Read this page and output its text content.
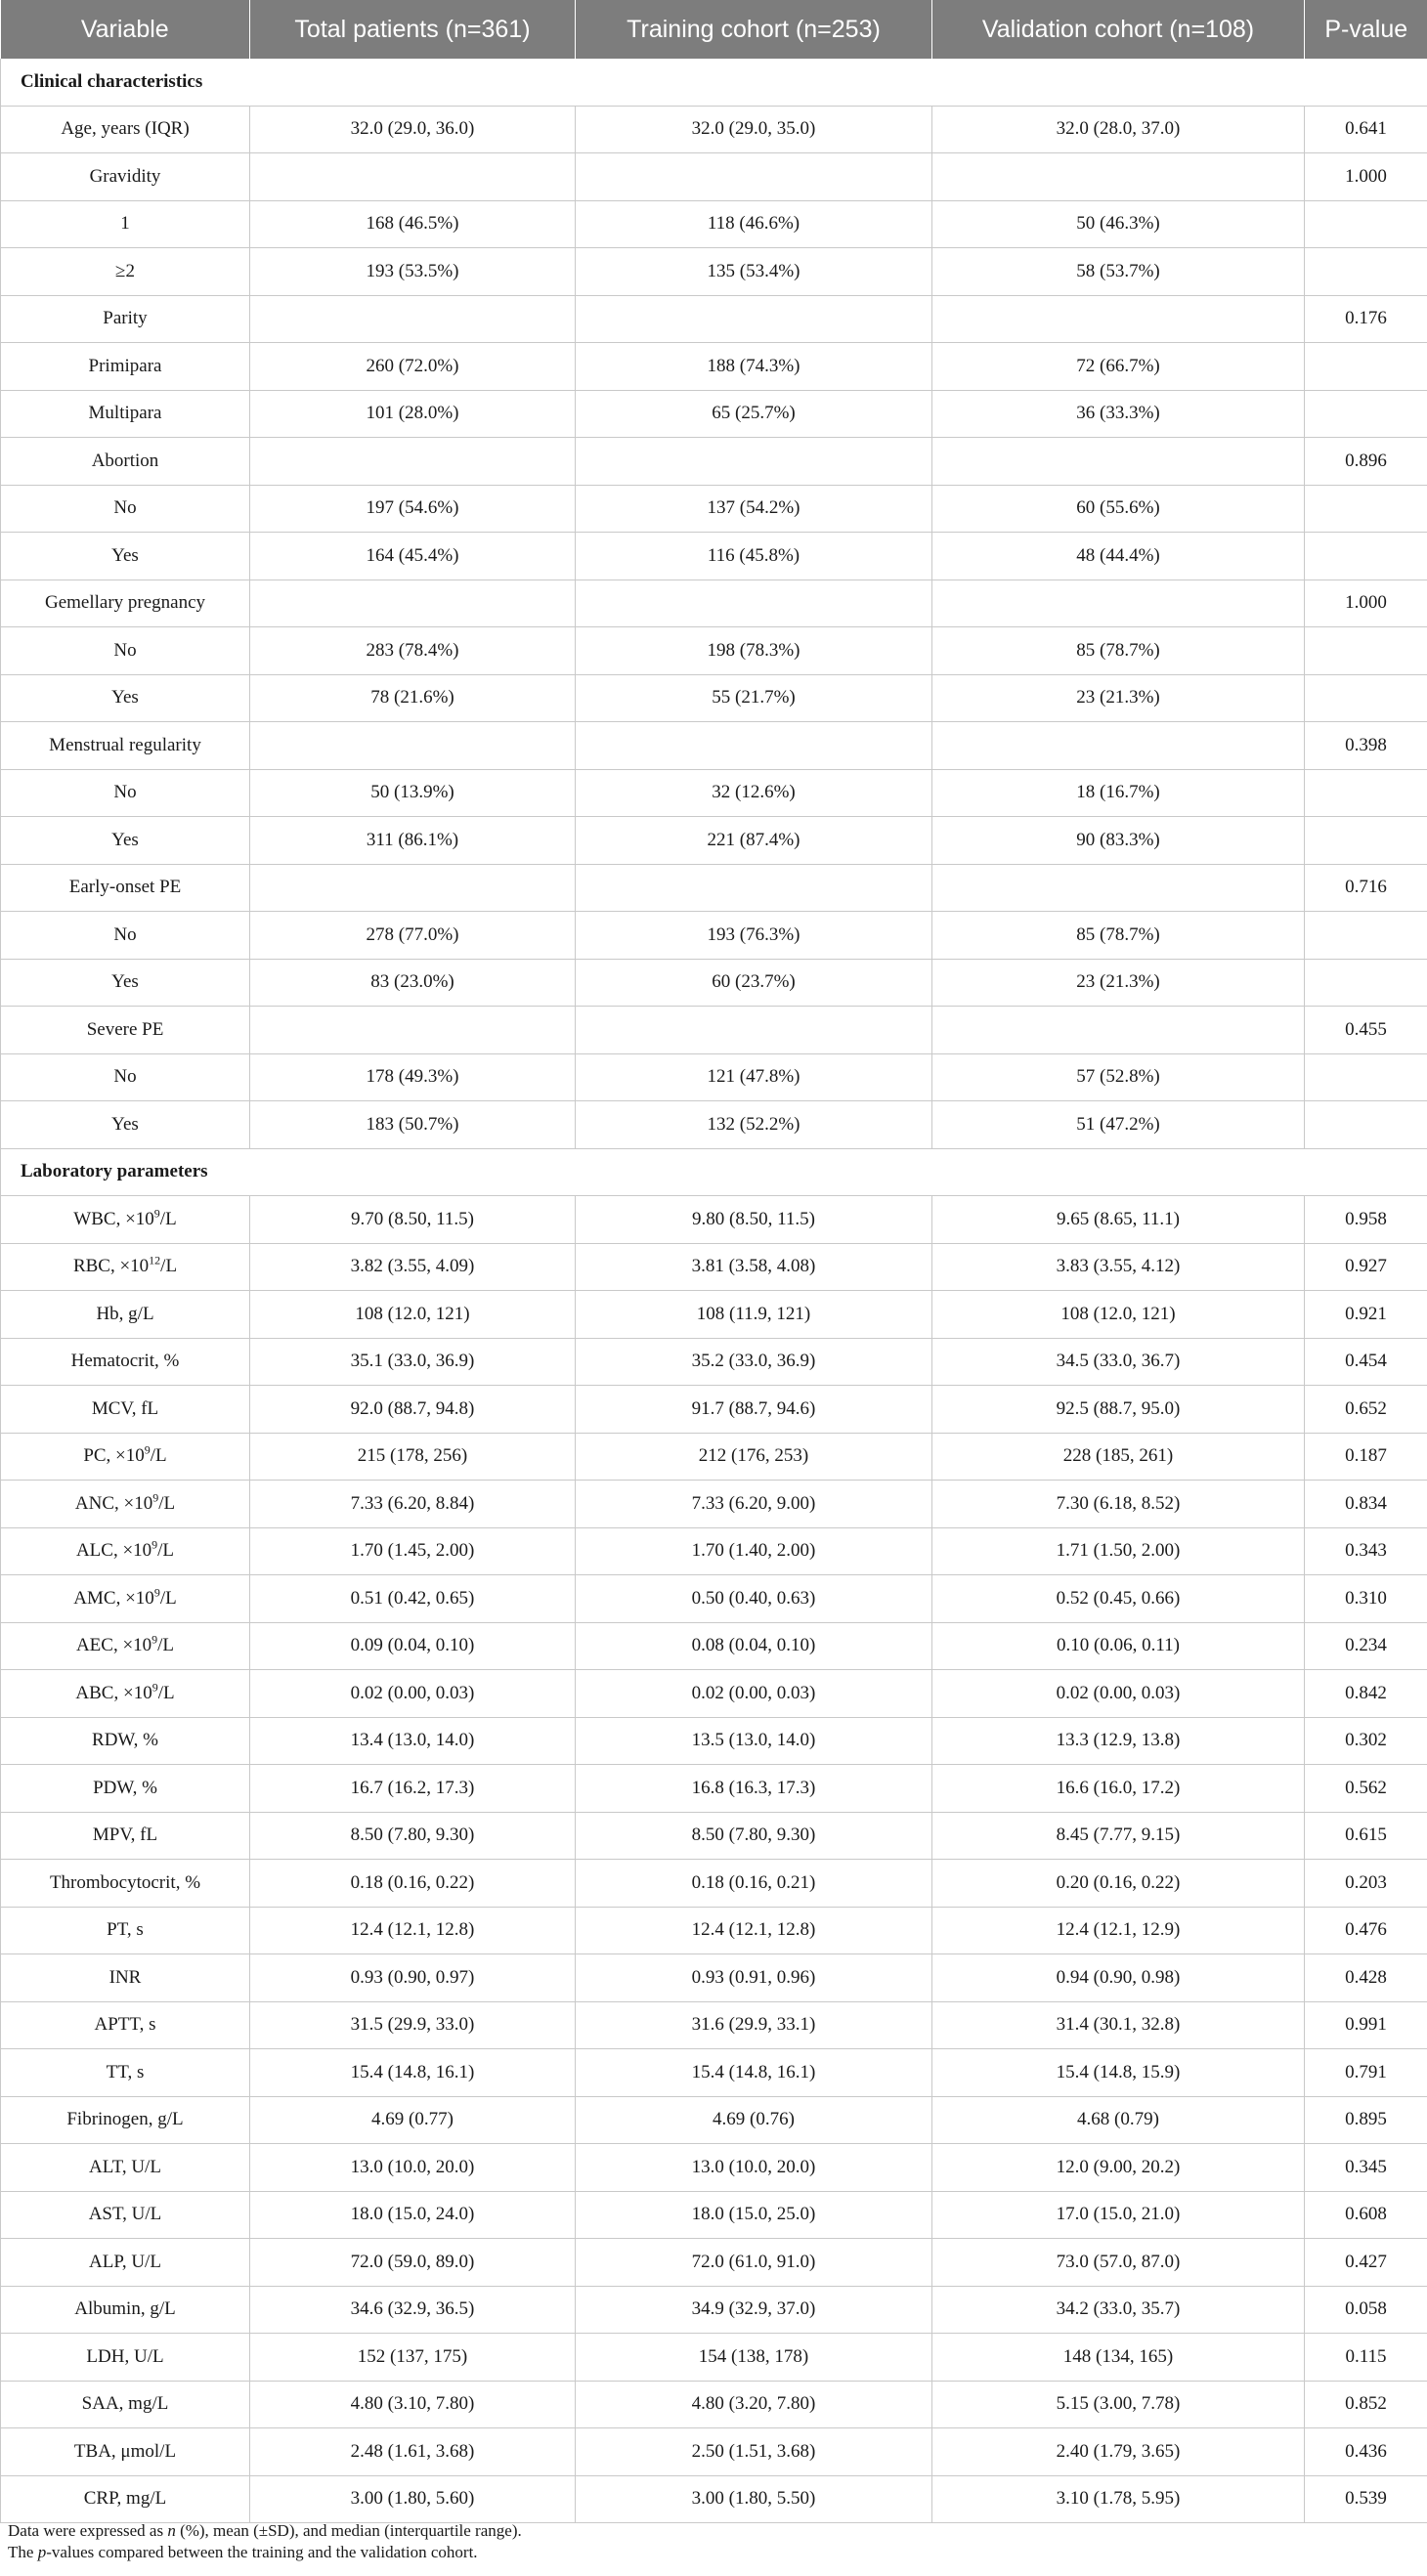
Variable	Total patients (n=361)	Training cohort (n=253)	Validation cohort (n=108)	P-value
Clinical characteristics				
Age, years (IQR)	32.0 (29.0, 36.0)	32.0 (29.0, 35.0)	32.0 (28.0, 37.0)	0.641
Gravidity				1.000
1	168 (46.5%)	118 (46.6%)	50 (46.3%)	
≥2	193 (53.5%)	135 (53.4%)	58 (53.7%)	
Parity				0.176
Primipara	260 (72.0%)	188 (74.3%)	72 (66.7%)	
Multipara	101 (28.0%)	65 (25.7%)	36 (33.3%)	
Abortion				0.896
No	197 (54.6%)	137 (54.2%)	60 (55.6%)	
Yes	164 (45.4%)	116 (45.8%)	48 (44.4%)	
Gemellary pregnancy				1.000
No	283 (78.4%)	198 (78.3%)	85 (78.7%)	
Yes	78 (21.6%)	55 (21.7%)	23 (21.3%)	
Menstrual regularity				0.398
No	50 (13.9%)	32 (12.6%)	18 (16.7%)	
Yes	311 (86.1%)	221 (87.4%)	90 (83.3%)	
Early-onset PE				0.716
No	278 (77.0%)	193 (76.3%)	85 (78.7%)	
Yes	83 (23.0%)	60 (23.7%)	23 (21.3%)	
Severe PE				0.455
No	178 (49.3%)	121 (47.8%)	57 (52.8%)	
Yes	183 (50.7%)	132 (52.2%)	51 (47.2%)	
Laboratory parameters				
WBC, $\times 10^9/L$	9.70 (8.50, 11.5)	9.80 (8.50, 11.5)	9.65 (8.65, 11.1)	0.958
RBC, $\times 10^{12}/L$	3.82 (3.55, 4.09)	3.81 (3.58, 4.08)	3.83 (3.55, 4.12)	0.927
Hb, g/L	108 (12.0, 121)	108 (11.9, 121)	108 (12.0, 121)	0.921
Hematocrit, %	35.1 (33.0, 36.9)	35.2 (33.0, 36.9)	34.5 (33.0, 36.7)	0.454
MCV, fL	92.0 (88.7, 94.8)	91.7 (88.7, 94.6)	92.5 (88.7, 95.0)	0.652
PC, $\times 10^9/L$	215 (178, 256)	212 (176, 253)	228 (185, 261)	0.187
ANC, $\times 10^9/L$	7.33 (6.20, 8.84)	7.33 (6.20, 9.00)	7.30 (6.18, 8.52)	0.834
ALC, $\times 10^9/L$	1.70 (1.45, 2.00)	1.70 (1.40, 2.00)	1.71 (1.50, 2.00)	0.343
AMC, $\times 10^9/L$	0.51 (0.42, 0.65)	0.50 (0.40, 0.63)	0.52 (0.45, 0.66)	0.310
AEC, $\times 10^9/L$	0.09 (0.04, 0.10)	0.08 (0.04, 0.10)	0.10 (0.06, 0.11)	0.234
ABC, $\times 10^9/L$	0.02 (0.00, 0.03)	0.02 (0.00, 0.03)	0.02 (0.00, 0.03)	0.842
RDW, %	13.4 (13.0, 14.0)	13.5 (13.0, 14.0)	13.3 (12.9, 13.8)	0.302
PDW, %	16.7 (16.2, 17.3)	16.8 (16.3, 17.3)	16.6 (16.0, 17.2)	0.562
MPV, fL	8.50 (7.80, 9.30)	8.50 (7.80, 9.30)	8.45 (7.77, 9.15)	0.615
Thrombocytocrit, %	0.18 (0.16, 0.22)	0.18 (0.16, 0.21)	0.20 (0.16, 0.22)	0.203
PT, s	12.4 (12.1, 12.8)	12.4 (12.1, 12.8)	12.4 (12.1, 12.9)	0.476
INR	0.93 (0.90, 0.97)	0.93 (0.91, 0.96)	0.94 (0.90, 0.98)	0.428
APTT, s	31.5 (29.9, 33.0)	31.6 (29.9, 33.1)	31.4 (30.1, 32.8)	0.991
TT, s	15.4 (14.8, 16.1)	15.4 (14.8, 16.1)	15.4 (14.8, 15.9)	0.791
Fibrinogen, g/L	4.69 (0.77)	4.69 (0.76)	4.68 (0.79)	0.895
ALT, U/L	13.0 (10.0, 20.0)	13.0 (10.0, 20.0)	12.0 (9.00, 20.2)	0.345
AST, U/L	18.0 (15.0, 24.0)	18.0 (15.0, 25.0)	17.0 (15.0, 21.0)	0.608
ALP, U/L	72.0 (59.0, 89.0)	72.0 (61.0, 91.0)	73.0 (57.0, 87.0)	0.427
Albumin, g/L	34.6 (32.9, 36.5)	34.9 (32.9, 37.0)	34.2 (33.0, 35.7)	0.058
LDH, U/L	152 (137, 175)	154 (138, 178)	148 (134, 165)	0.115
SAA, mg/L	4.80 (3.10, 7.80)	4.80 (3.20, 7.80)	5.15 (3.00, 7.78)	0.852
TBA, μmol/L	2.48 (1.61, 3.68)	2.50 (1.51, 3.68)	2.40 (1.79, 3.65)	0.436
CRP, mg/L	3.00 (1.80, 5.60)	3.00 (1.80, 5.50)	3.10 (1.78, 5.95)	0.539
Data were expressed as n (%), mean (±SD), and median (interquartile range).
The p-values compared between the training and the validation cohort.
